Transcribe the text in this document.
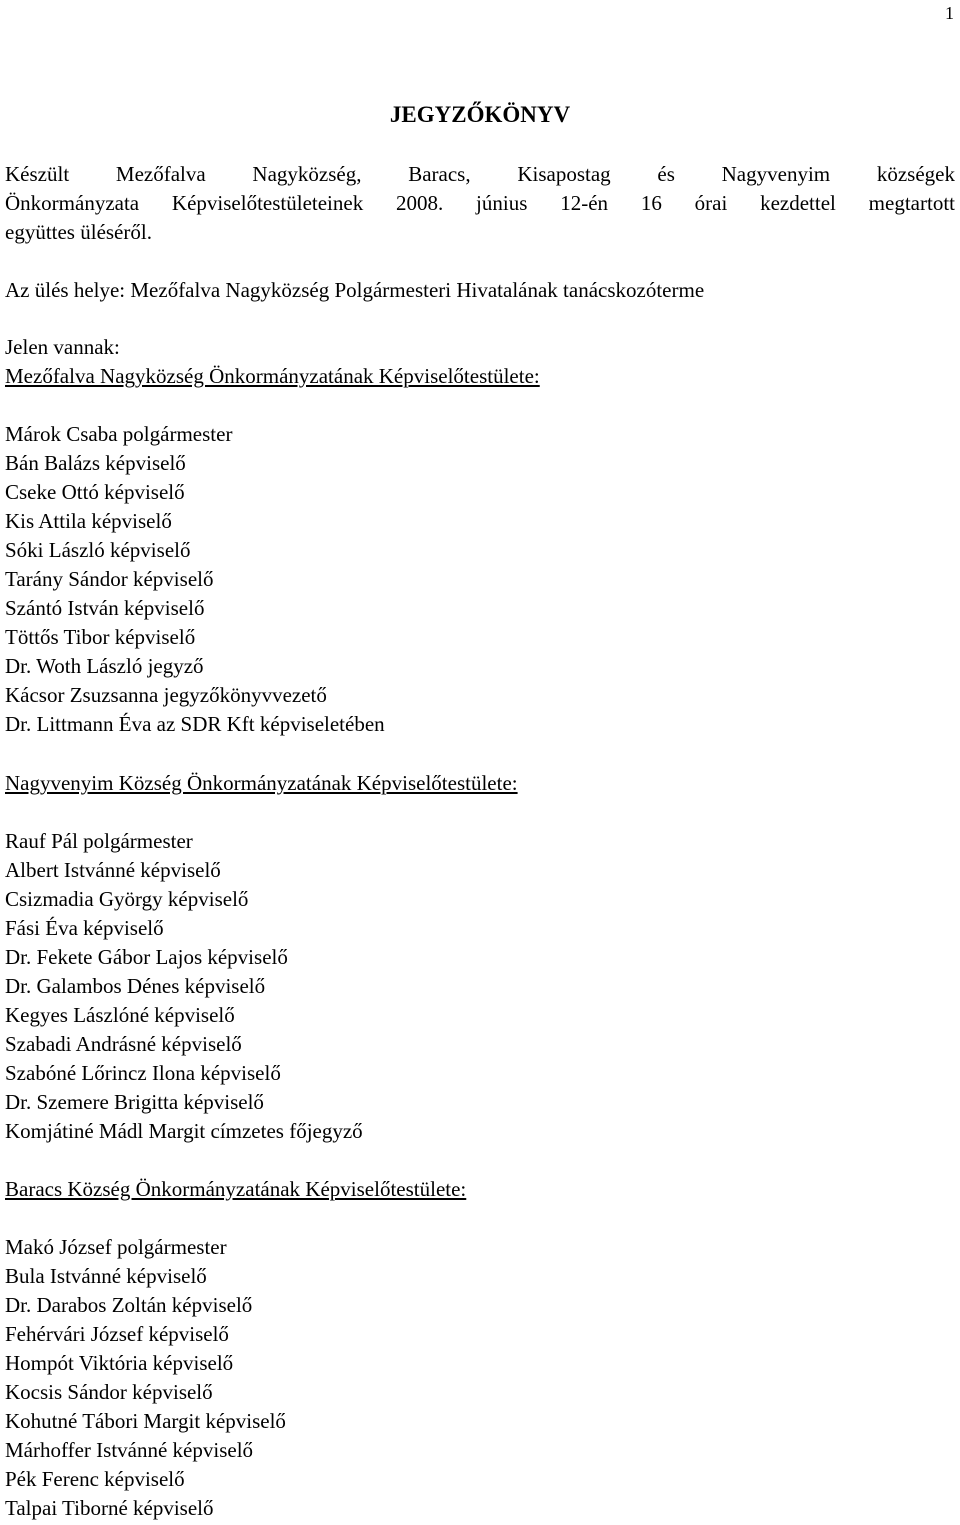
1
JEGYZŐKÖNYV
Készült Mezőfalva Nagyközség, Baracs, Kisapostag és Nagyvenyim községek
Önkormányzata Képviselőtestületeinek 2008. június 12-én 16 órai kezdettel megtartott
együttes üléséről.
Az ülés helye: Mezőfalva Nagyközség Polgármesteri Hivatalának tanácskozóterme
Jelen vannak:
Mezőfalva Nagyközség Önkormányzatának Képviselőtestülete:
Márok Csaba polgármester
Bán Balázs képviselő
Cseke Ottó képviselő
Kis Attila képviselő
Sóki László képviselő
Tarány Sándor képviselő
Szántó István képviselő
Töttős Tibor képviselő
Dr. Woth László jegyző
Kácsor Zsuzsanna jegyzőkönyvvezető
Dr. Littmann Éva az SDR Kft képviseletében
Nagyvenyim Község Önkormányzatának Képviselőtestülete:
Rauf Pál polgármester
Albert Istvánné képviselő
Csizmadia György képviselő
Fási Éva képviselő
Dr. Fekete Gábor Lajos képviselő
Dr. Galambos Dénes képviselő
Kegyes Lászlóné képviselő
Szabadi Andrásné képviselő
Szabóné Lőrincz Ilona képviselő
Dr. Szemere Brigitta képviselő
Komjátiné Mádl Margit címzetes főjegyző
Baracs Község Önkormányzatának Képviselőtestülete:
Makó József polgármester
Bula Istvánné képviselő
Dr. Darabos Zoltán képviselő
Fehérvári József képviselő
Hompót Viktória képviselő
Kocsis Sándor képviselő
Kohutné Tábori Margit képviselő
Márhoffer Istvánné képviselő
Pék Ferenc képviselő
Talpai Tiborné képviselő
